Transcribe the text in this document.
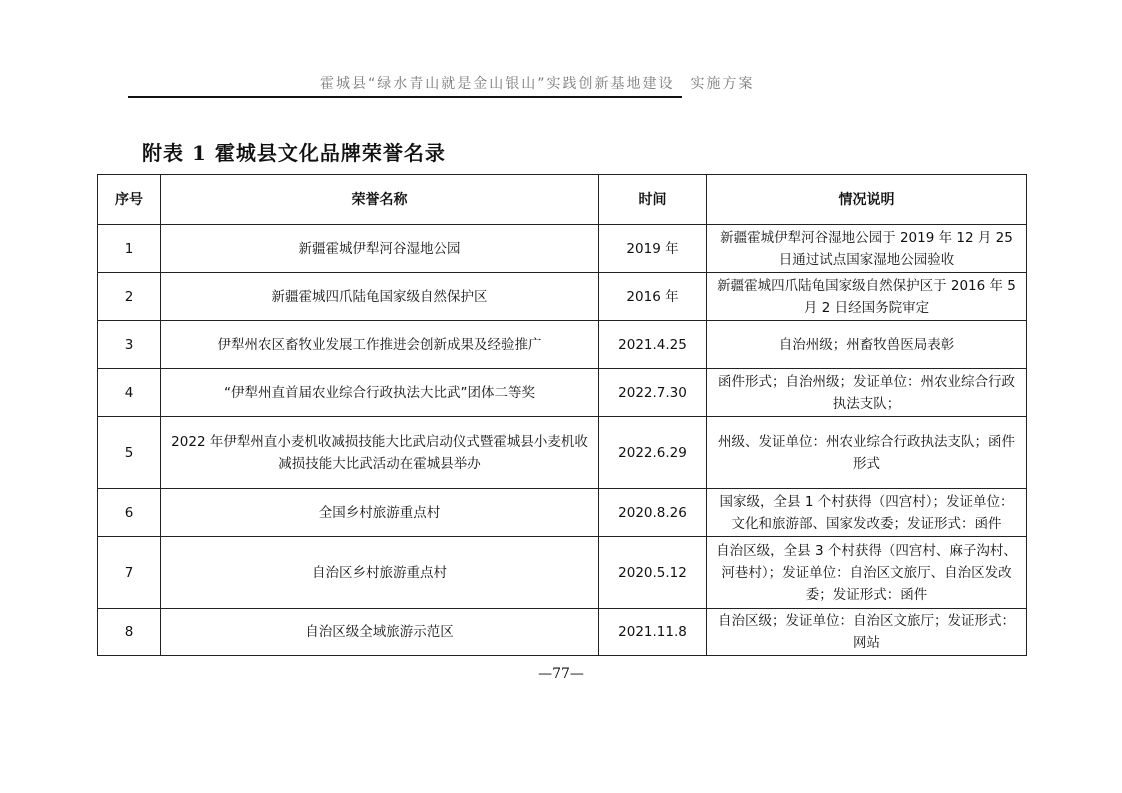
霍城县“绿水青山就是金山银山”实践创新基地建设　实施方案
附表 1 霍城县文化品牌荣誉名录
序号	荣誉名称	时间	情况说明
1	新疆霍城伊犁河谷湿地公园	2019 年	新疆霍城伊犁河谷湿地公园于 2019 年 12 月 25 日通过试点国家湿地公园验收
2	新疆霍城四爪陆龟国家级自然保护区	2016 年	新疆霍城四爪陆龟国家级自然保护区于 2016 年 5 月 2 日经国务院审定
3	伊犁州农区畜牧业发展工作推进会创新成果及经验推广	2021.4.25	自治州级；州畜牧兽医局表彰
4	“伊犁州直首届农业综合行政执法大比武”团体二等奖	2022.7.30	函件形式；自治州级；发证单位：州农业综合行政执法支队；
5	2022 年伊犁州直小麦机收减损技能大比武启动仪式暨霍城县小麦机收减损技能大比武活动在霍城县举办	2022.6.29	州级、发证单位：州农业综合行政执法支队；函件形式
6	全国乡村旅游重点村	2020.8.26	国家级，全县 1 个村获得（四宫村）；发证单位：文化和旅游部、国家发改委；发证形式：函件
7	自治区乡村旅游重点村	2020.5.12	自治区级，全县 3 个村获得（四宫村、麻子沟村、河巷村）；发证单位：自治区文旅厅、自治区发改委；发证形式：函件
8	自治区级全域旅游示范区	2021.11.8	自治区级；发证单位：自治区文旅厅；发证形式：网站
—77—
